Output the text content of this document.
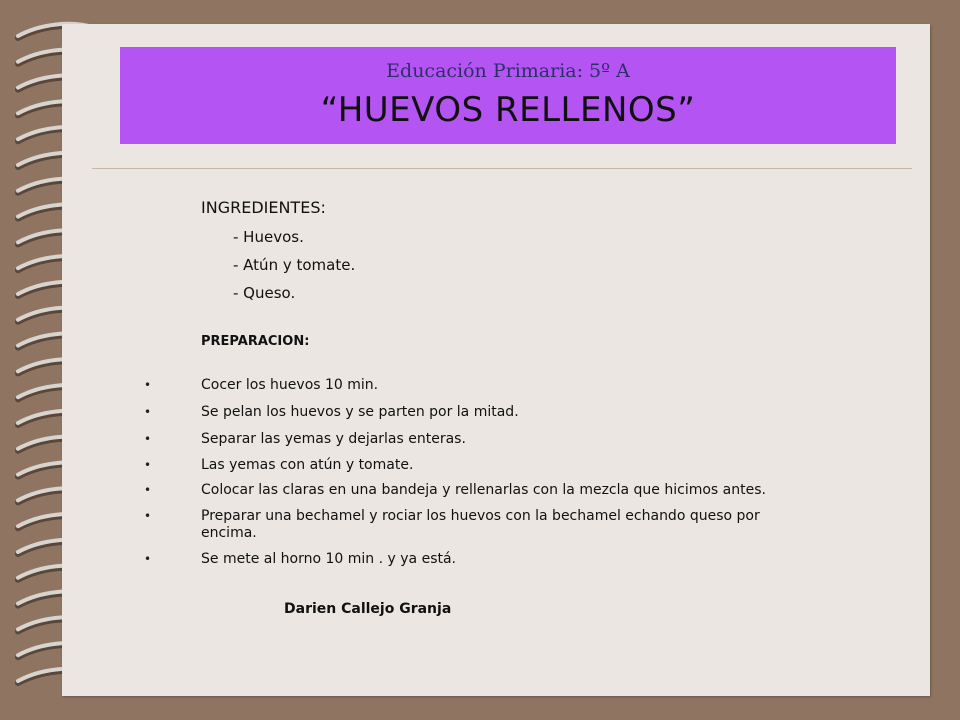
Educación Primaria: 5º A
“HUEVOS RELLENOS”
INGREDIENTES:
- Huevos.
- Atún y tomate.
- Queso.
PREPARACION:
•	Cocer los huevos 10 min.
•	Se pelan los huevos y se parten por la mitad.
•	Separar las yemas y dejarlas enteras.
•	Las yemas con atún y tomate.
•	Colocar las claras en una bandeja y rellenarlas con la mezcla que hicimos antes.
•	Preparar una bechamel y rociar los huevos con la bechamel echando queso por
encima.
•	Se mete al horno 10 min . y ya está.
Darien Callejo Granja
